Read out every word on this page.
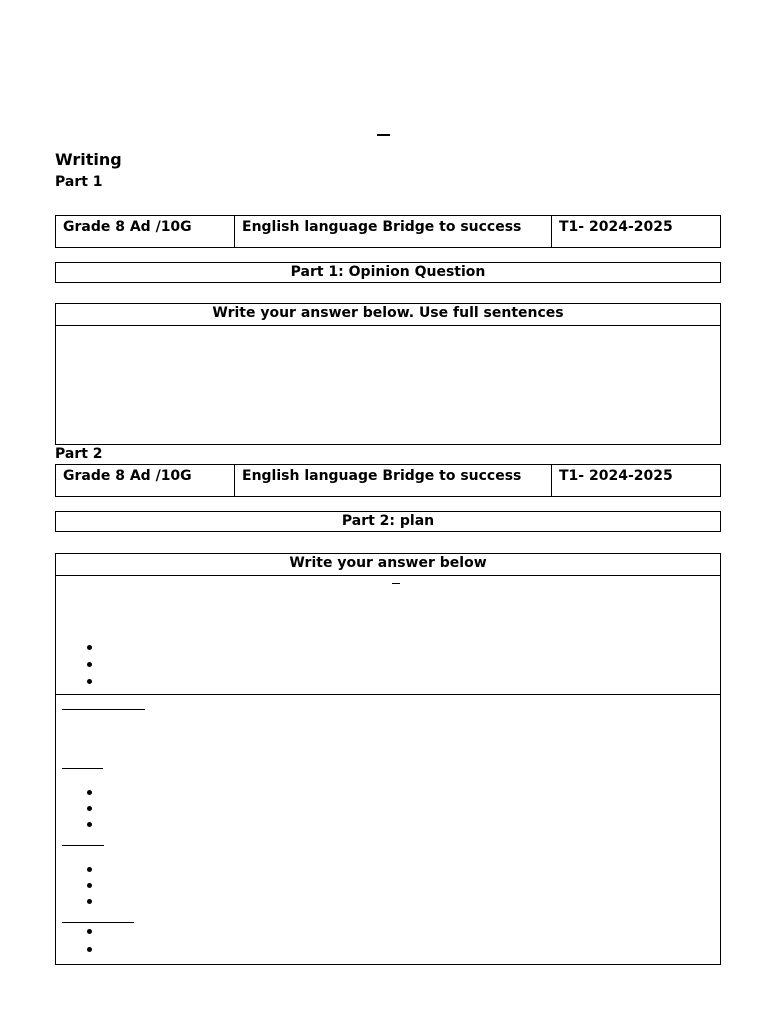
Writing
Part 1
Grade 8 Ad /10G	English language Bridge to success	T1- 2024-2025
Part 1: Opinion Question
Write your answer below. Use full sentences
Part 2
Grade 8 Ad /10G	English language Bridge to success	T1- 2024-2025
Part 2: plan
Write your answer below
